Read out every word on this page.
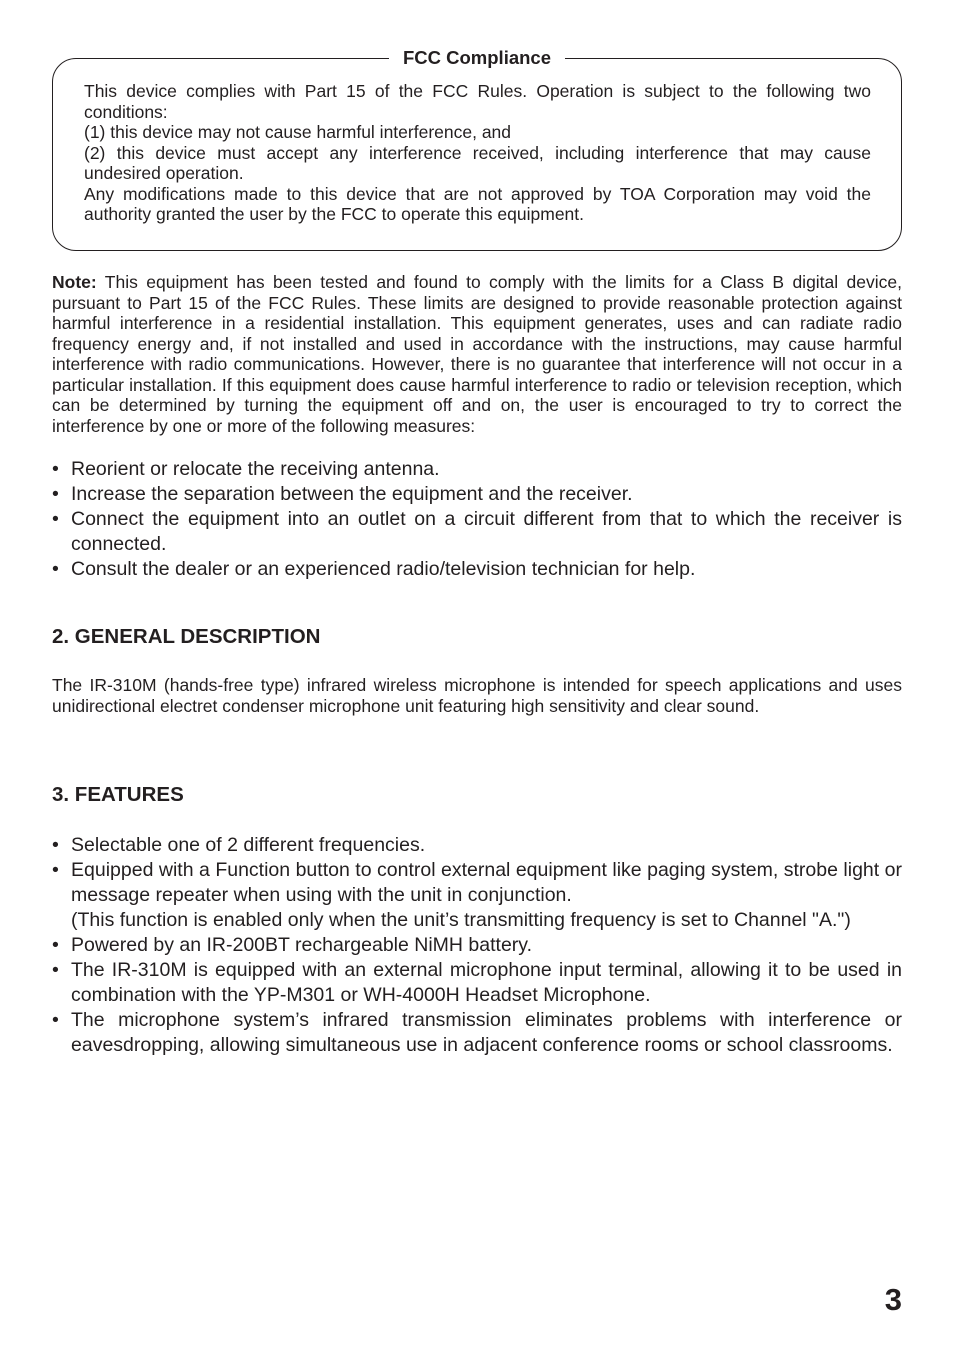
FCC Compliance

This device complies with Part 15 of the FCC Rules. Operation is subject to the following two conditions:

(1) this device may not cause harmful interference, and

(2) this device must accept any interference received, including interference that may cause undesired operation.

Any modifications made to this device that are not approved by TOA Corporation may void the authority granted the user by the FCC to operate this equipment.

Note: This equipment has been tested and found to comply with the limits for a Class B digital device, pursuant to Part 15 of the FCC Rules. These limits are designed to provide reasonable protection against harmful interference in a residential installation. This equipment generates, uses and can radiate radio frequency energy and, if not installed and used in accordance with the instructions, may cause harmful interference with radio communications. However, there is no guarantee that interference will not occur in a particular installation. If this equipment does cause harmful interference to radio or television reception, which can be determined by turning the equipment off and on, the user is encouraged to try to correct the interference by one or more of the following measures:

• Reorient or relocate the receiving antenna.
• Increase the separation between the equipment and the receiver.
• Connect the equipment into an outlet on a circuit different from that to which the receiver is connected.
• Consult the dealer or an experienced radio/television technician for help.
2. GENERAL DESCRIPTION

The IR-310M (hands-free type) infrared wireless microphone is intended for speech applications and uses unidirectional electret condenser microphone unit featuring high sensitivity and clear sound.

3. FEATURES
• Selectable one of 2 different frequencies.
• Equipped with a Function button to control external equipment like paging system, strobe light or message repeater when using with the unit in conjunction.
(This function is enabled only when the unit’s transmitting frequency is set to Channel "A.")
• Powered by an IR-200BT rechargeable NiMH battery.
• The IR-310M is equipped with an external microphone input terminal, allowing it to be used in combination with the YP-M301 or WH-4000H Headset Microphone.
• The microphone system’s infrared transmission eliminates problems with interference or eavesdropping, allowing simultaneous use in adjacent conference rooms or school classrooms.
3
